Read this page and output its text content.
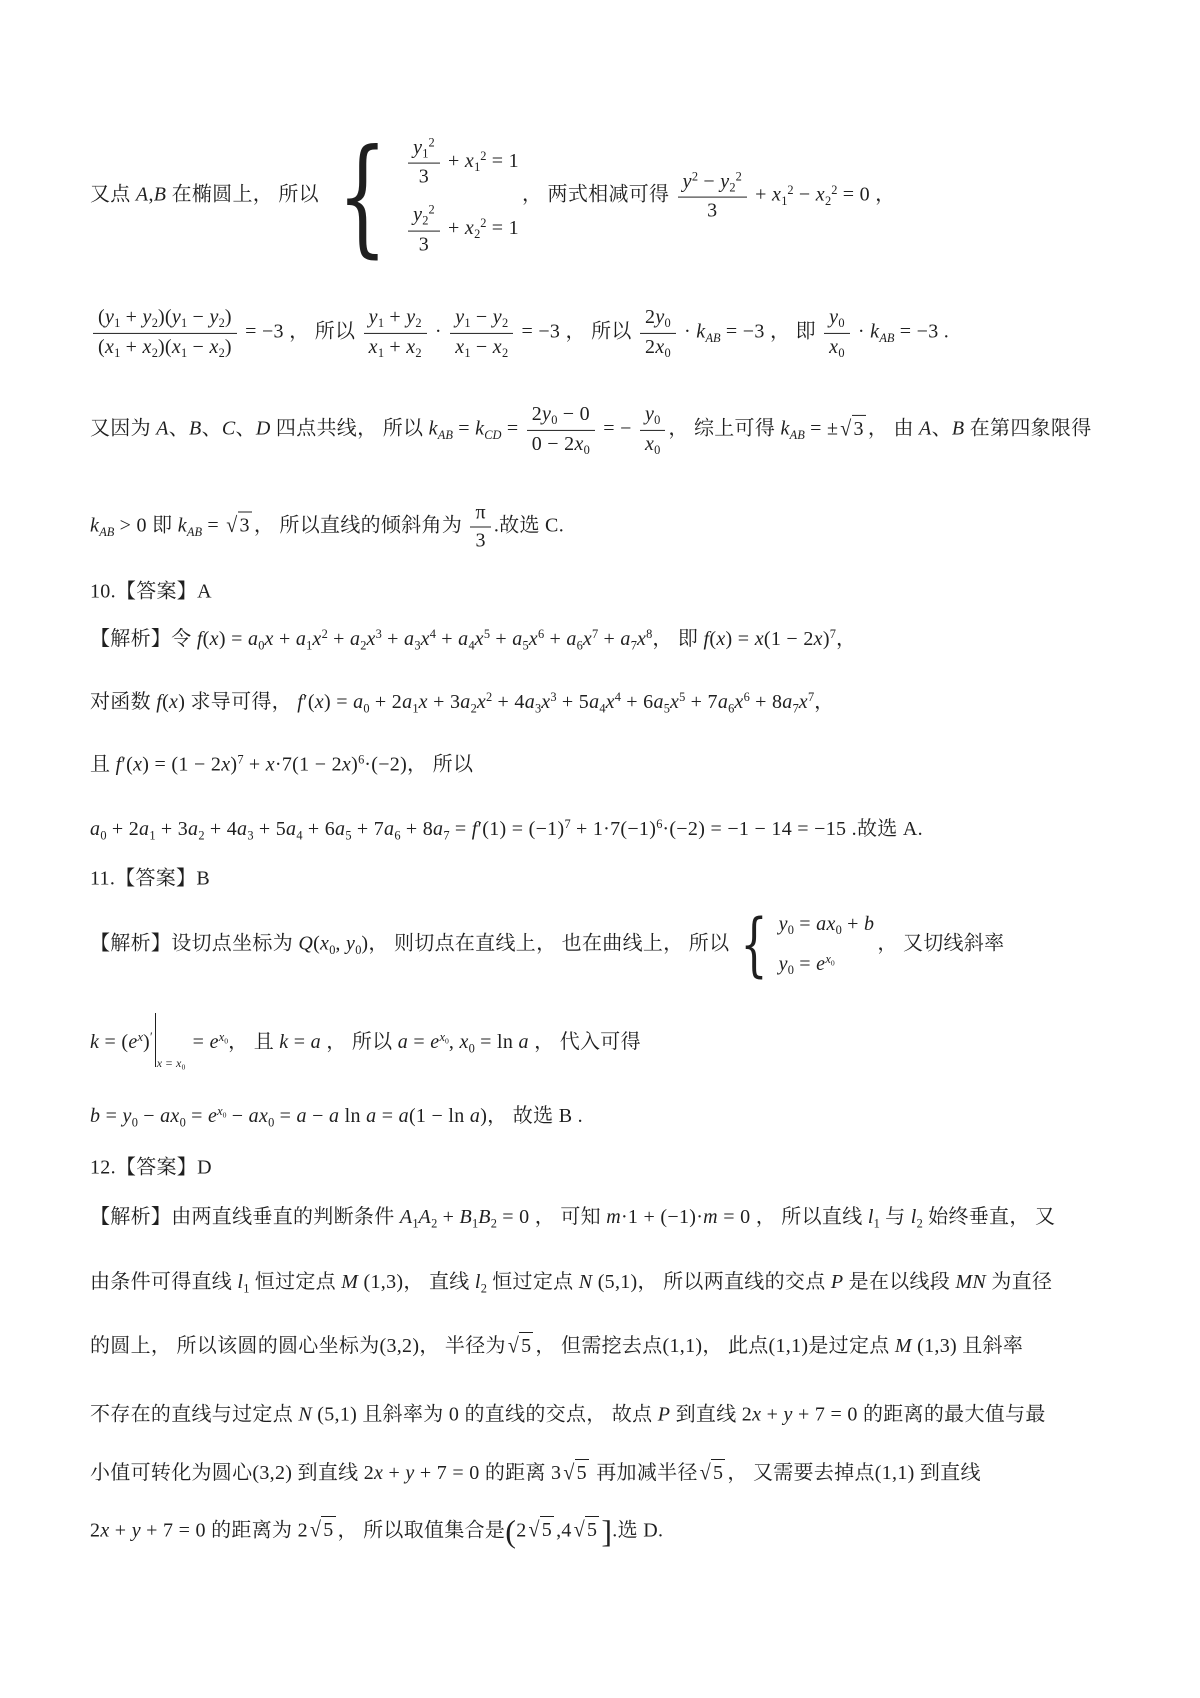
又点 A,B 在椭圆上， 所以 { $\frac{y_1^2}{3} + x_1^2 = 1$
$\frac{y_2^2}{3} + x_2^2 = 1$
， 两式相减可得 $\frac{y^2 - y_2^2}{3} + x_1^2 - x_2^2 = 0$ ，
$\frac{(y_1 + y_2)(y_1 - y_2)}{(x_1 + x_2)(x_1 - x_2)} = -3$ ， 所以 $\frac{y_1 + y_2}{x_1 + x_2} \cdot \frac{y_1 - y_2}{x_1 - x_2} = -3$ ， 所以 $\frac{2y_0}{2x_0} \cdot k_{AB} = -3$ ， 即 $\frac{y_0}{x_0} \cdot k_{AB} = -3$ .
又因为 A、B、C、D 四点共线， 所以 $k_{AB} = k_{CD} = \frac{2y_0 - 0}{0 - 2x_0}$ = − $\frac{y_0}{x_0}$ ， 综上可得 $k_{AB}$ = ± √ 3 ， 由 A、B 在第四象限得
$k_{AB} > 0$ 即 $k_{AB}$ = √ 3 ， 所以直线的倾斜角为 $\frac{\pi}{3}$ .故选 C.
10.【答案】A
【解析】令 $f(x) = a_0x + a_1x^2 + a_2x^3 + a_3x^4 + a_4x^5 + a_5x^6 + a_6x^7 + a_7x^8$， 即 $f(x) = x(1 - 2x)^7$，
对函数 f(x) 求导可得， $f'(x) = a_0 + 2a_1x + 3a_2x^2 + 4a_3x^3 + 5a_4x^4 + 6a_5x^5 + 7a_6x^6 + 8a_7x^7$，
且 $f'(x) = (1 - 2x)^7 + x\cdot 7(1 - 2x)^6\cdot(-2)$， 所以
$a_0 + 2a_1 + 3a_2 + 4a_3 + 5a_4 + 6a_5 + 7a_6 + 8a_7 = f'(1) = (-1)^7 + 1\cdot 7(-1)^6\cdot(-2) = -1 - 14 = -15$ .故选 A.
11.【答案】B
【解析】设切点坐标为 $Q(x_0$, $y_0$)， 则切点在直线上， 也在曲线上， 所以 { $y_0 = ax_0 + b$
$y_0 = e^{x_0}$
， 又切线斜率
$k = (e^x)'$
$x = x_0$
= $e^{x_0}$， 且 k = a ， 所以 $a = e^{x_0}$, $x_0 = \ln a$ ， 代入可得
$b = y_0 - ax_0 = e^{x_0} - ax_0 = a - a$ ln a = a(1 − ln a)， 故选 B .
12.【答案】D
【解析】由两直线垂直的判断条件 $A_1A_2 + B_1B_2 = 0$ ， 可知 m·1 + (−1)·m = 0 ， 所以直线 $l_1$ 与 $l_2$ 始终垂直， 又
由条件可得直线 $l_1$ 恒过定点 M (1,3)， 直线 $l_2$ 恒过定点 N (5,1)， 所以两直线的交点 P 是在以线段 MN 为直径
的圆上， 所以该圆的圆心坐标为(3,2)， 半径为 √ 5 ， 但需挖去点(1,1)， 此点(1,1)是过定点 M (1,3) 且斜率
不存在的直线与过定点 N (5,1) 且斜率为 0 的直线的交点， 故点 P 到直线 2x + y + 7 = 0 的距离的最大值与最
小值可转化为圆心(3,2) 到直线 2x + y + 7 = 0 的距离 3 √ 5 再加减半径 √ 5 ， 又需要去掉点(1,1) 到直线
2x + y + 7 = 0 的距离为 2 √ 5 ， 所以取值集合是(2 √ 5 ,4 √ 5 ].选 D.
